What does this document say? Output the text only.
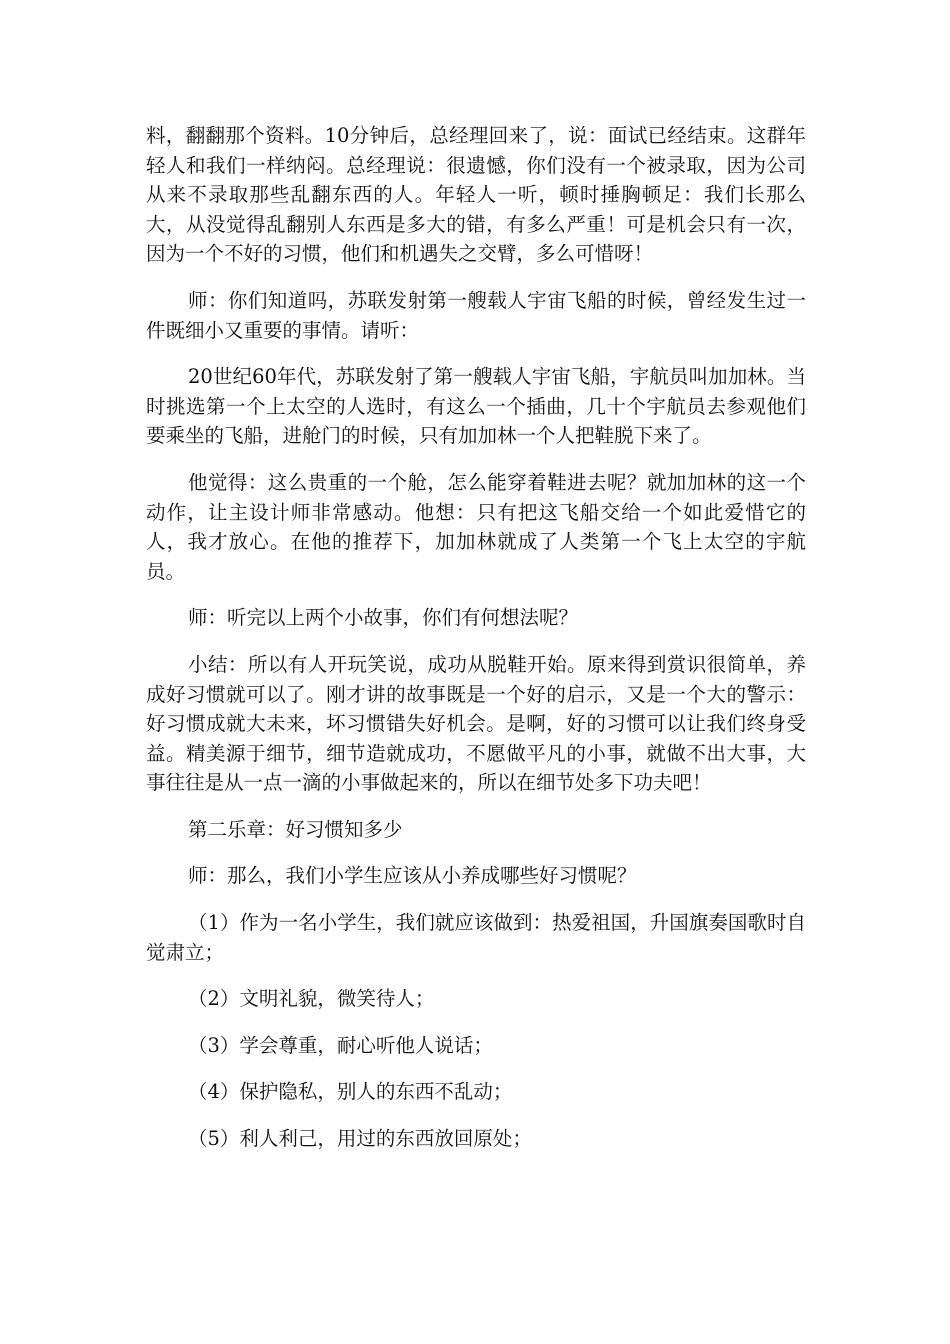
料，翻翻那个资料。10分钟后，总经理回来了，说：面试已经结束。这群年轻人和我们一样纳闷。总经理说：很遗憾，你们没有一个被录取，因为公司从来不录取那些乱翻东西的人。年轻人一听，顿时捶胸顿足：我们长那么大，从没觉得乱翻别人东西是多大的错，有多么严重！可是机会只有一次，因为一个不好的习惯，他们和机遇失之交臂，多么可惜呀！

师：你们知道吗，苏联发射第一艘载人宇宙飞船的时候，曾经发生过一件既细小又重要的事情。请听：

20世纪60年代，苏联发射了第一艘载人宇宙飞船，宇航员叫加加林。当时挑选第一个上太空的人选时，有这么一个插曲，几十个宇航员去参观他们要乘坐的飞船，进舱门的时候，只有加加林一个人把鞋脱下来了。

他觉得：这么贵重的一个舱，怎么能穿着鞋进去呢？就加加林的这一个动作，让主设计师非常感动。他想：只有把这飞船交给一个如此爱惜它的人，我才放心。在他的推荐下，加加林就成了人类第一个飞上太空的宇航员。

师：听完以上两个小故事，你们有何想法呢？

小结：所以有人开玩笑说，成功从脱鞋开始。原来得到赏识很简单，养成好习惯就可以了。刚才讲的故事既是一个好的启示，又是一个大的警示：好习惯成就大未来，坏习惯错失好机会。是啊，好的习惯可以让我们终身受益。精美源于细节，细节造就成功，不愿做平凡的小事，就做不出大事，大事往往是从一点一滴的小事做起来的，所以在细节处多下功夫吧！

第二乐章：好习惯知多少

师：那么，我们小学生应该从小养成哪些好习惯呢？

（1）作为一名小学生，我们就应该做到：热爱祖国，升国旗奏国歌时自觉肃立；

（2）文明礼貌，微笑待人；

（3）学会尊重，耐心听他人说话；

（4）保护隐私，别人的东西不乱动；

（5）利人利己，用过的东西放回原处；
